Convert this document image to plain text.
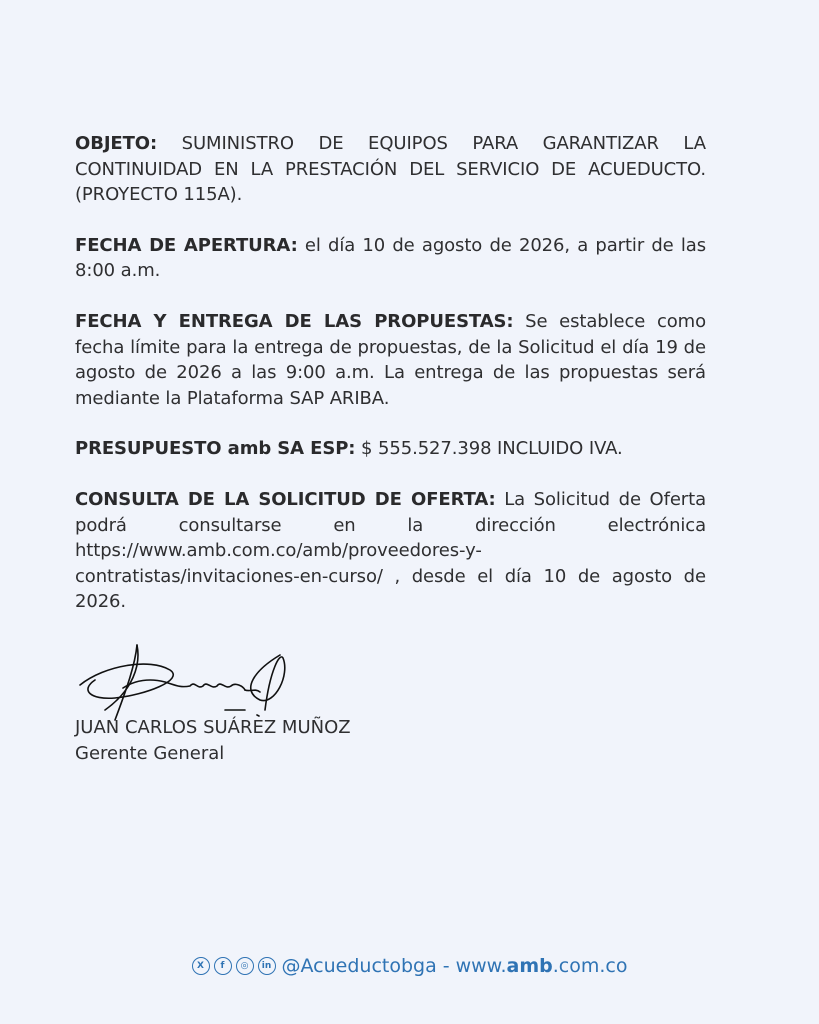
OBJETO: SUMINISTRO DE EQUIPOS PARA GARANTIZAR LA CONTINUIDAD EN LA PRESTACIÓN DEL SERVICIO DE ACUEDUCTO. (PROYECTO 115A).

FECHA DE APERTURA: el día 10 de agosto de 2026, a partir de las 8:00 a.m.

FECHA Y ENTREGA DE LAS PROPUESTAS: Se establece como fecha límite para la entrega de propuestas, de la Solicitud el día 19 de agosto de 2026 a las 9:00 a.m. La entrega de las propuestas será mediante la Plataforma SAP ARIBA.

PRESUPUESTO amb SA ESP: $ 555.527.398 INCLUIDO IVA.

CONSULTA DE LA SOLICITUD DE OFERTA: La Solicitud de Oferta podrá consultarse en la dirección electrónica https://www.amb.com.co/amb/proveedores-y-contratistas/invitaciones-en-curso/ , desde el día 10 de agosto de 2026.

JUAN CARLOS SUÁREZ MUÑOZ
Gerente General
X	f	◎	in @Acueductobga - www.amb.com.co
